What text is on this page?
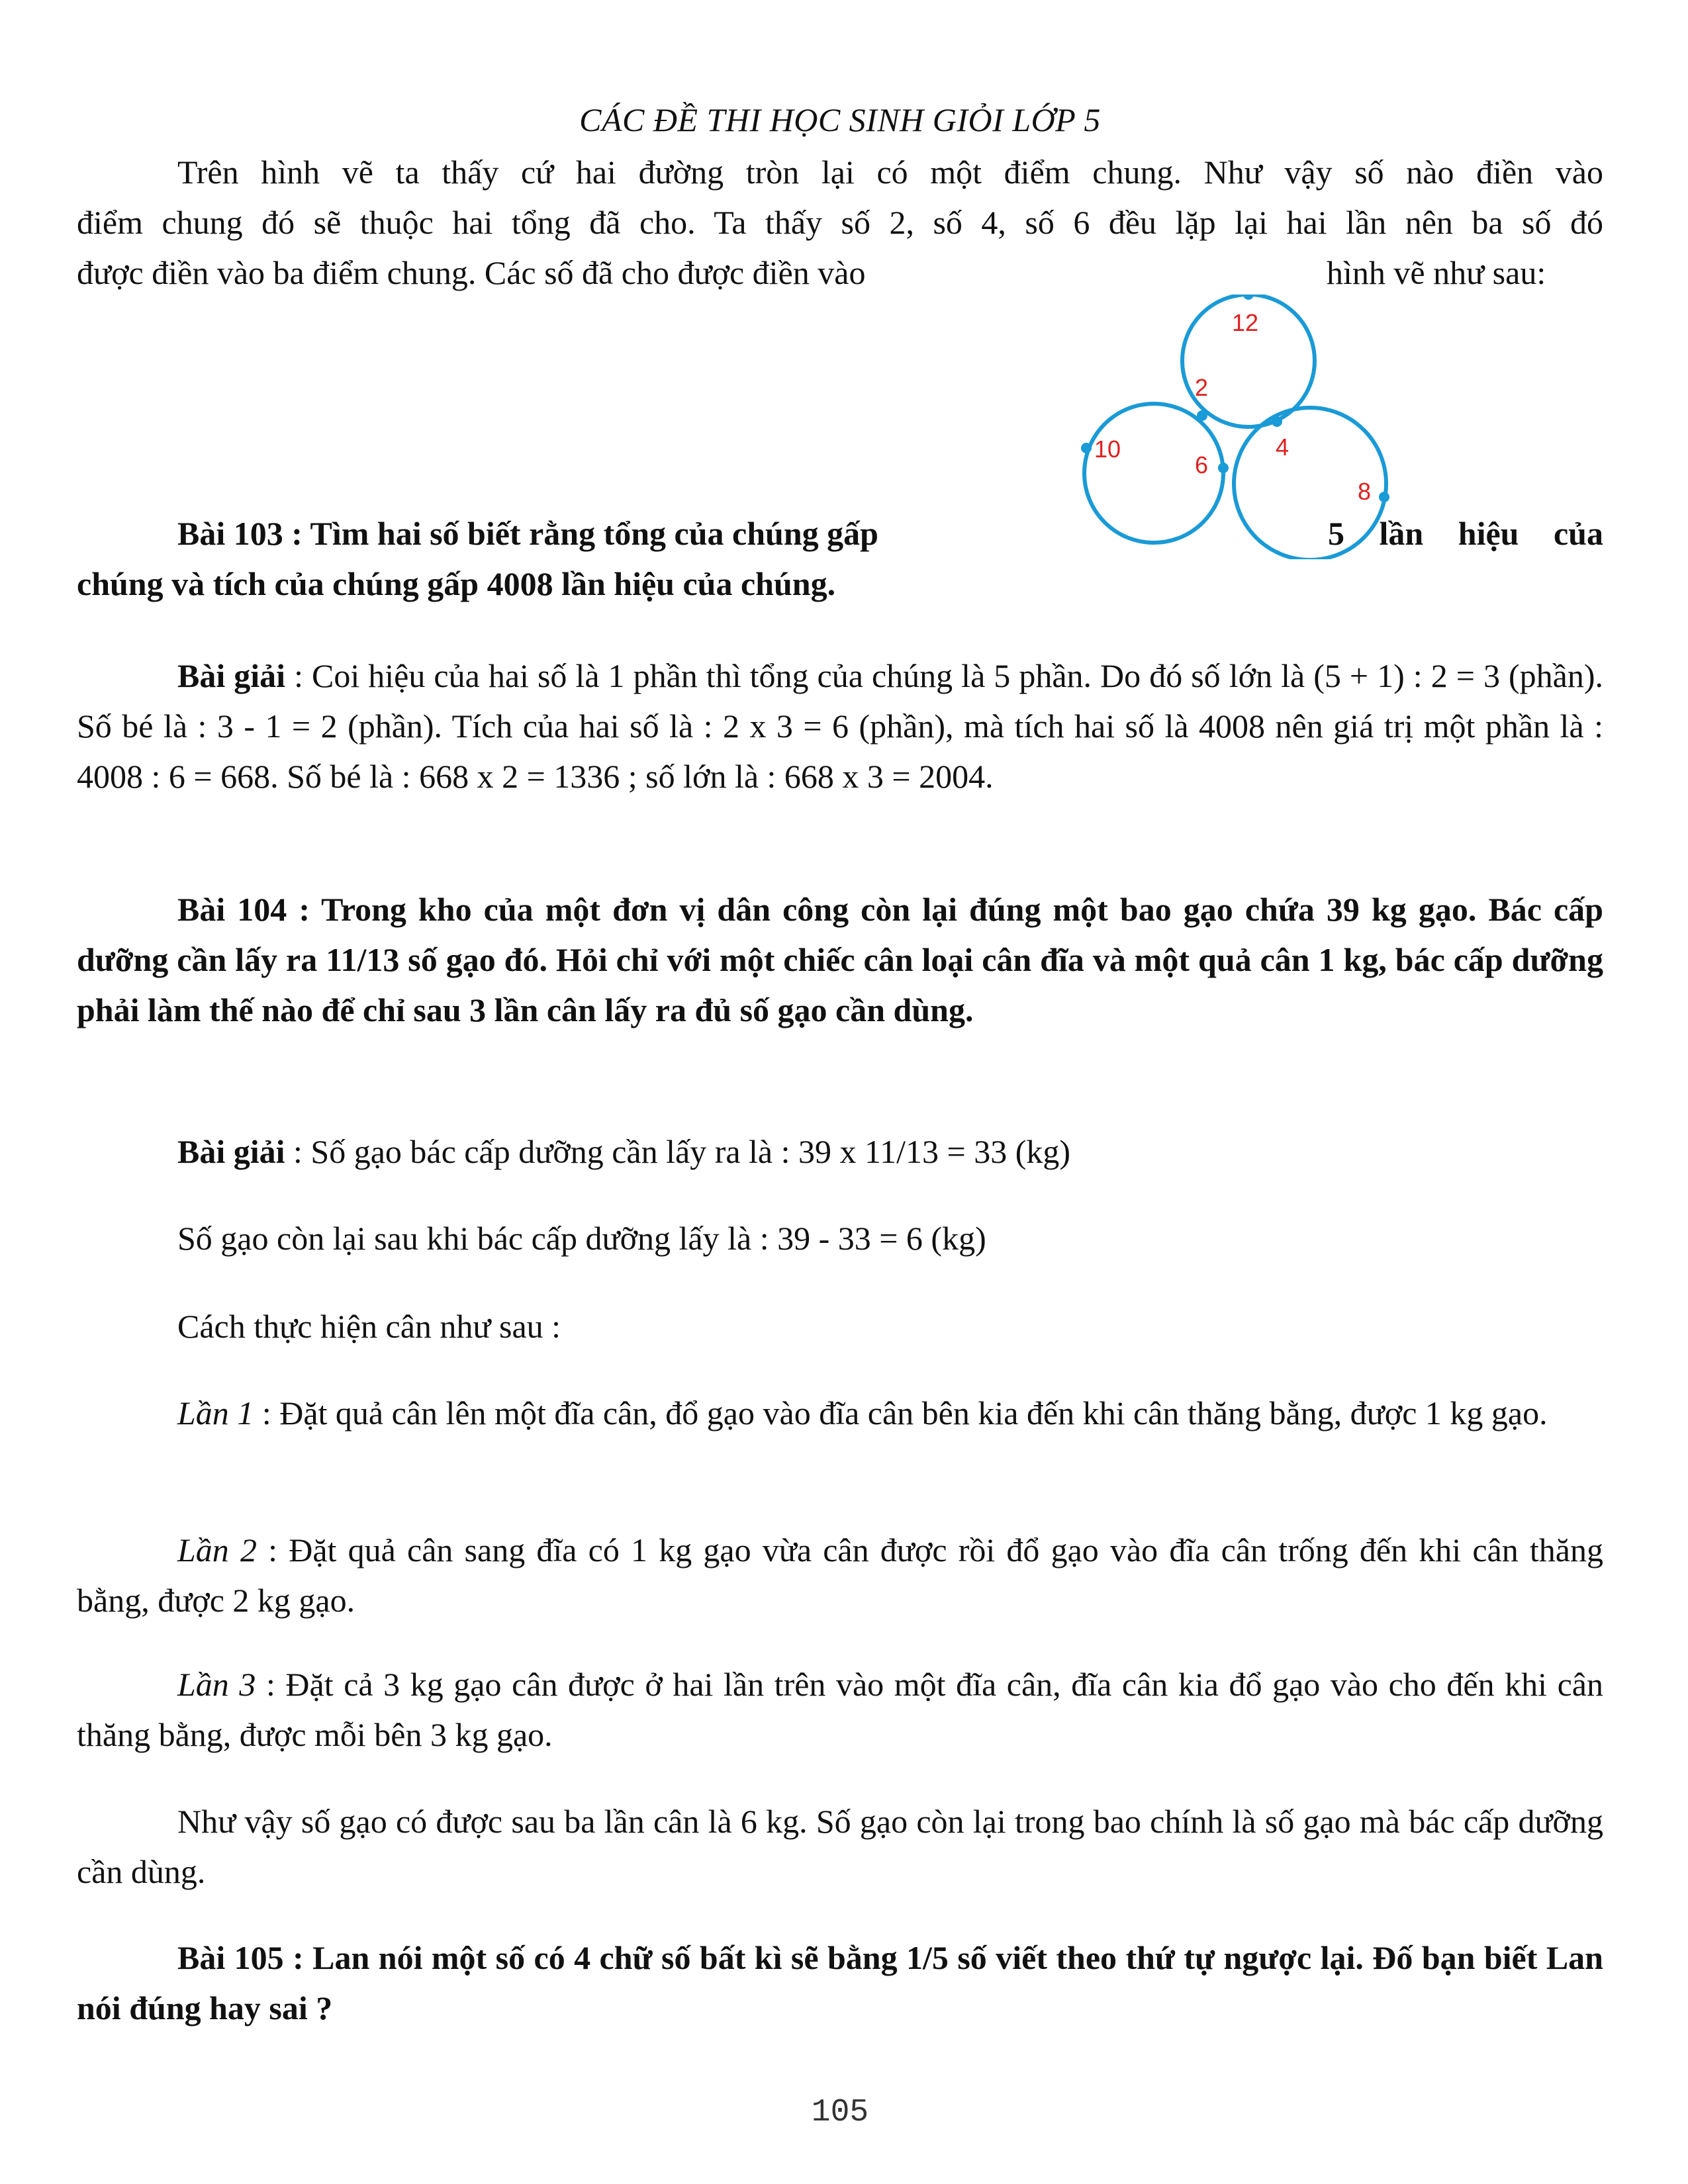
CÁC ĐỀ THI HỌC SINH GIỎI LỚP 5
Trên hình vẽ ta thấy cứ hai đường tròn lại có một điểm chung. Như vậy số nào điền vào
điểm chung đó sẽ thuộc hai tổng đã cho. Ta thấy số 2, số 4, số 6 đều lặp lại hai lần nên ba số đó
được điền vào ba điểm chung. Các số đã cho được điền vào	hình vẽ như sau:
12
2
4
10
6
8
Bài 103 : Tìm hai số biết rằng tổng của chúng gấp	5 lần hiệu của
chúng và tích của chúng gấp 4008 lần hiệu của chúng.

Bài giải : Coi hiệu của hai số là 1 phần thì tổng của chúng là 5 phần. Do đó số lớn là (5 + 1) : 2 = 3 (phần). Số bé là : 3 - 1 = 2 (phần). Tích của hai số là : 2 x 3 = 6 (phần), mà tích hai số là 4008 nên giá trị một phần là : 4008 : 6 = 668. Số bé là : 668 x 2 = 1336 ; số lớn là : 668 x 3 = 2004.

Bài 104 : Trong kho của một đơn vị dân công còn lại đúng một bao gạo chứa 39 kg gạo. Bác cấp dưỡng cần lấy ra 11/13 số gạo đó. Hỏi chỉ với một chiếc cân loại cân đĩa và một quả cân 1 kg, bác cấp dưỡng phải làm thế nào để chỉ sau 3 lần cân lấy ra đủ số gạo cần dùng.

Bài giải : Số gạo bác cấp dưỡng cần lấy ra là : 39 x 11/13 = 33 (kg)

Số gạo còn lại sau khi bác cấp dưỡng lấy là : 39 - 33 = 6 (kg)

Cách thực hiện cân như sau :

Lần 1 : Đặt quả cân lên một đĩa cân, đổ gạo vào đĩa cân bên kia đến khi cân thăng bằng, được 1 kg gạo.

Lần 2 : Đặt quả cân sang đĩa có 1 kg gạo vừa cân được rồi đổ gạo vào đĩa cân trống đến khi cân thăng bằng, được 2 kg gạo.

Lần 3 : Đặt cả 3 kg gạo cân được ở hai lần trên vào một đĩa cân, đĩa cân kia đổ gạo vào cho đến khi cân thăng bằng, được mỗi bên 3 kg gạo.

Như vậy số gạo có được sau ba lần cân là 6 kg. Số gạo còn lại trong bao chính là số gạo mà bác cấp dưỡng cần dùng.

Bài 105 : Lan nói một số có 4 chữ số bất kì sẽ bằng 1/5 số viết theo thứ tự ngược lại. Đố bạn biết Lan nói đúng hay sai ?

105
